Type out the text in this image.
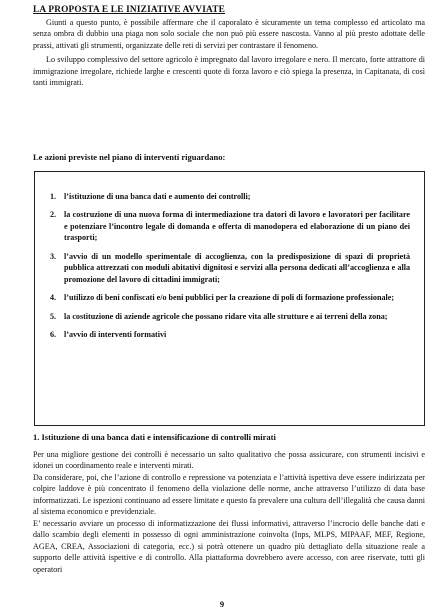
LA PROPOSTA E LE INIZIATIVE AVVIATE

Giunti a questo punto, è possibile affermare che il caporalato è sicuramente un tema complesso ed articolato ma senza ombra di dubbio una piaga non solo sociale che non può più essere nascosta. Vanno al più presto adottate delle prassi, attivati gli strumenti, organizzate delle reti di servizi per contrastare il fenomeno.

Lo sviluppo complessivo del settore agricolo è impregnato dal lavoro irregolare e nero. Il mercato, forte attrattore di immigrazione irregolare, richiede larghe e crescenti quote di forza lavoro e ciò spiega la presenza, in Capitanata, di così tanti immigrati.

Le azioni previste nel piano di interventi riguardano:
1. l’istituzione di una banca dati e aumento dei controlli;
2. la costruzione di una nuova forma di intermediazione tra datori di lavoro e lavoratori per facilitare e potenziare l’incontro legale di domanda e offerta di manodopera ed elaborazione di un piano dei trasporti;
3. l’avvio di un modello sperimentale di accoglienza, con la predisposizione di spazi di proprietà pubblica attrezzati con moduli abitativi dignitosi e servizi alla persona dedicati all’accoglienza e alla promozione del lavoro di cittadini immigrati;
4. l’utilizzo di beni confiscati e/o beni pubblici per la creazione di poli di formazione professionale;
5. la costituzione di aziende agricole che possano ridare vita alle strutture e ai terreni della zona;
6. l’avvio di interventi formativi
1. Istituzione di una banca dati e intensificazione di controlli mirati

Per una migliore gestione dei controlli è necessario un salto qualitativo che possa assicurare, con strumenti incisivi e idonei un coordinamento reale e interventi mirati.

Da considerare, poi, che l’azione di controllo e repressione va potenziata e l’attività ispettiva deve essere indirizzata per colpire laddove è più concentrato il fenomeno della violazione delle norme, anche attraverso l’utilizzo di data base informatizzati. Le ispezioni continuano ad essere limitate e questo fa prevalere una cultura dell’illegalità che causa danni al sistema economico e previdenziale.

E’ necessario avviare un processo di informatizzazione dei flussi informativi, attraverso l’incrocio delle banche dati e dallo scambio degli elementi in possesso di ogni amministrazione coinvolta (Inps, MLPS, MIPAAF, MEF, Regione, AGEA, CREA, Associazioni di categoria, ecc.) si potrà ottenere un quadro più dettagliato della situazione reale a supporto delle attività ispettive e di controllo. Alla piattaforma dovrebbero avere accesso, con aree riservate, tutti gli operatori

9
